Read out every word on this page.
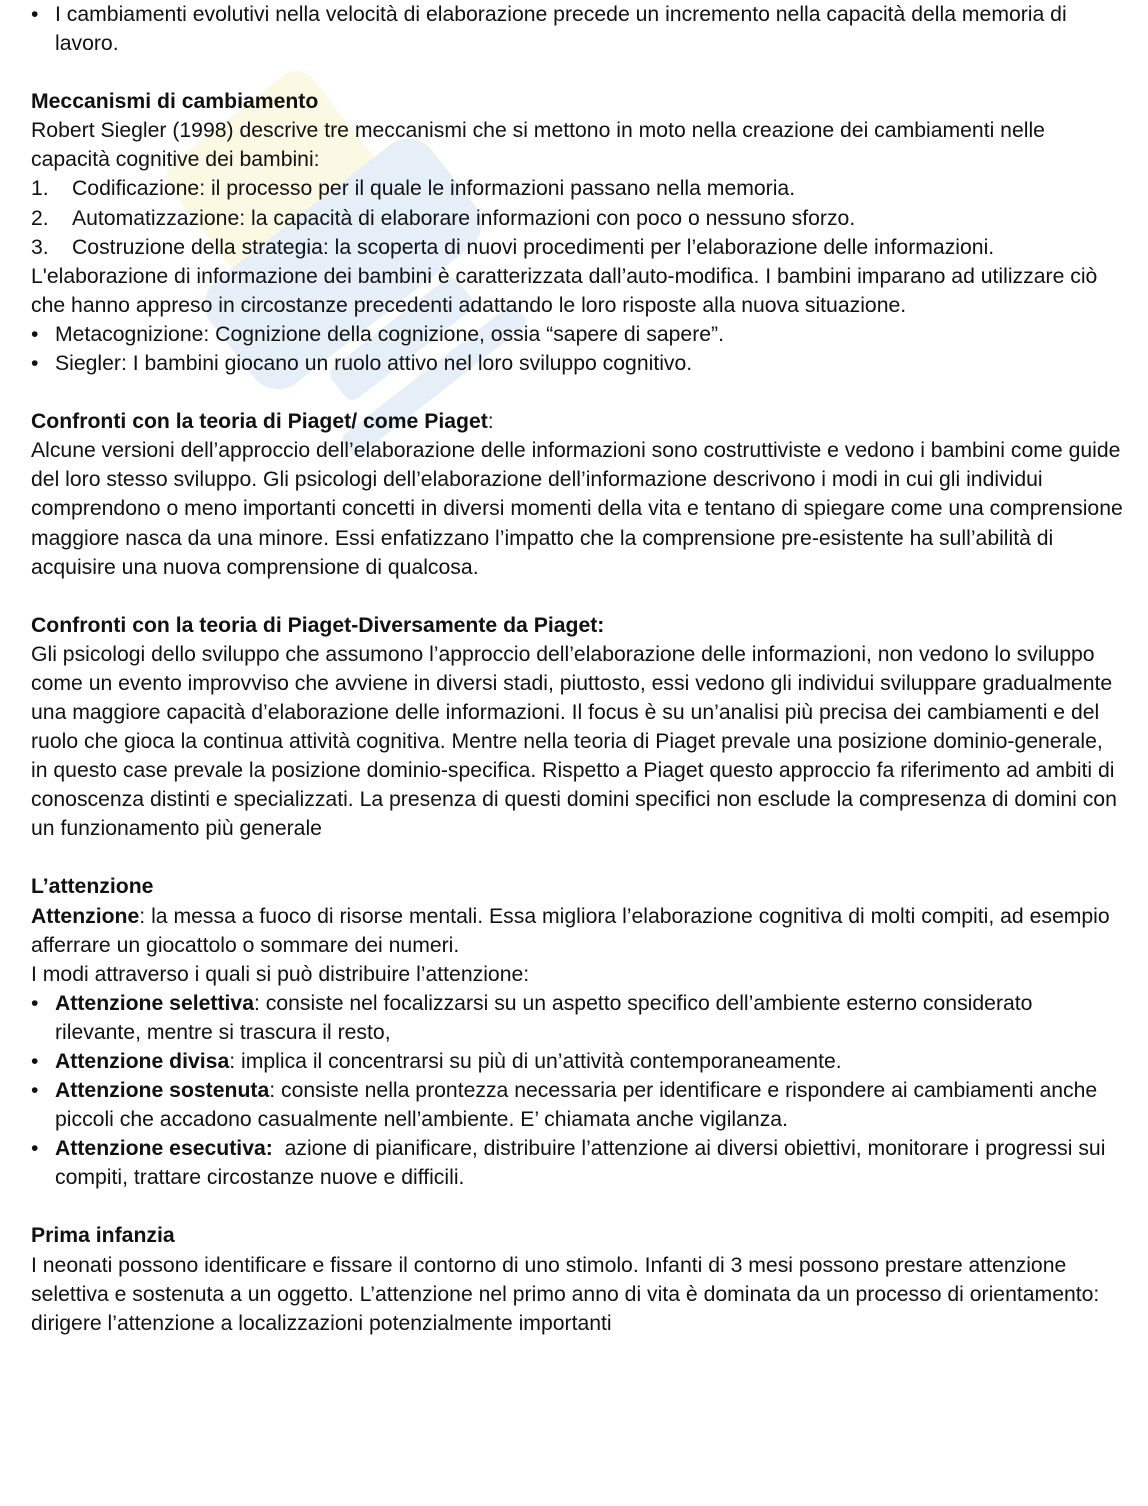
• I cambiamenti evolutivi nella velocità di elaborazione precede un incremento nella capacità della memoria di lavoro.

Meccanismi di cambiamento

Robert Siegler (1998) descrive tre meccanismi che si mettono in moto nella creazione dei cambiamenti nelle capacità cognitive dei bambini:

1. Codificazione: il processo per il quale le informazioni passano nella memoria.

2. Automatizzazione: la capacità di elaborare informazioni con poco o nessuno sforzo.

3. Costruzione della strategia: la scoperta di nuovi procedimenti per l’elaborazione delle informazioni.

L'elaborazione di informazione dei bambini è caratterizzata dall’auto-modifica. I bambini imparano ad utilizzare ciò che hanno appreso in circostanze precedenti adattando le loro risposte alla nuova situazione.

• Metacognizione: Cognizione della cognizione, ossia “sapere di sapere”.

• Siegler: I bambini giocano un ruolo attivo nel loro sviluppo cognitivo.

Confronti con la teoria di Piaget/ come Piaget:

Alcune versioni dell’approccio dell’elaborazione delle informazioni sono costruttiviste e vedono i bambini come guide del loro stesso sviluppo. Gli psicologi dell’elaborazione dell’informazione descrivono i modi in cui gli individui comprendono o meno importanti concetti in diversi momenti della vita e tentano di spiegare come una comprensione maggiore nasca da una minore. Essi enfatizzano l’impatto che la comprensione pre-esistente ha sull’abilità di acquisire una nuova comprensione di qualcosa.

Confronti con la teoria di Piaget-Diversamente da Piaget:

Gli psicologi dello sviluppo che assumono l’approccio dell’elaborazione delle informazioni, non vedono lo sviluppo come un evento improvviso che avviene in diversi stadi, piuttosto, essi vedono gli individui sviluppare gradualmente una maggiore capacità d’elaborazione delle informazioni. Il focus è su un’analisi più precisa dei cambiamenti e del ruolo che gioca la continua attività cognitiva. Mentre nella teoria di Piaget prevale una posizione dominio-generale, in questo case prevale la posizione dominio-specifica. Rispetto a Piaget questo approccio fa riferimento ad ambiti di conoscenza distinti e specializzati. La presenza di questi domini specifici non esclude la compresenza di domini con un funzionamento più generale

L’attenzione

Attenzione: la messa a fuoco di risorse mentali. Essa migliora l’elaborazione cognitiva di molti compiti, ad esempio afferrare un giocattolo o sommare dei numeri.

I modi attraverso i quali si può distribuire l’attenzione:

• Attenzione selettiva: consiste nel focalizzarsi su un aspetto specifico dell’ambiente esterno considerato rilevante, mentre si trascura il resto,

• Attenzione divisa: implica il concentrarsi su più di un’attività contemporaneamente.

• Attenzione sostenuta: consiste nella prontezza necessaria per identificare e rispondere ai cambiamenti anche piccoli che accadono casualmente nell’ambiente. E’ chiamata anche vigilanza.

• Attenzione esecutiva:  azione di pianificare, distribuire l’attenzione ai diversi obiettivi, monitorare i progressi sui compiti, trattare circostanze nuove e difficili.

Prima infanzia

I neonati possono identificare e fissare il contorno di uno stimolo. Infanti di 3 mesi possono prestare attenzione selettiva e sostenuta a un oggetto. L’attenzione nel primo anno di vita è dominata da un processo di orientamento: dirigere l’attenzione a localizzazioni potenzialmente importanti
